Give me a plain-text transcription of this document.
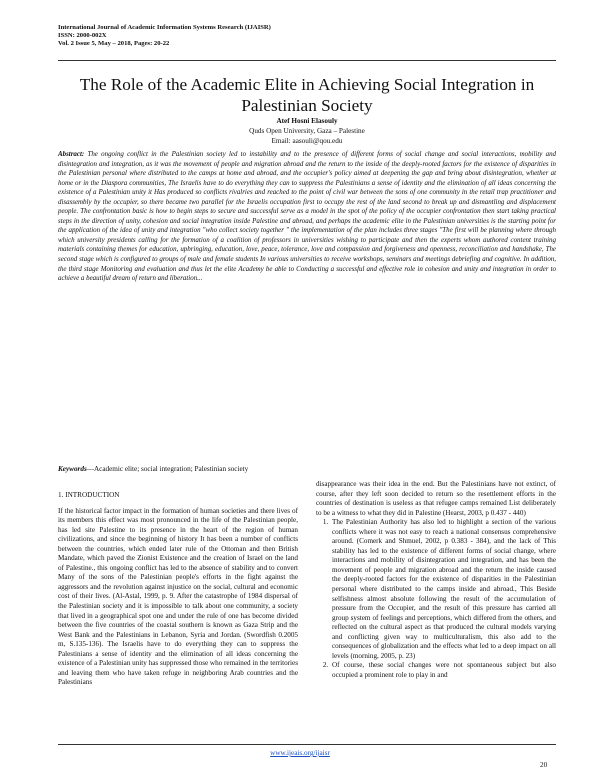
International Journal of Academic Information Systems Research (IJAISR)
ISSN: 2000-002X
Vol. 2 Issue 5, May – 2018, Pages: 20-22
The Role of the Academic Elite in Achieving Social Integration in Palestinian Society
Atef Hosni Elasouly
Quds Open University, Gaza – Palestine
Email: aasouli@qou.edu

Abstract: The ongoing conflict in the Palestinian society led to instability and to the presence of different forms of social change and social interactions, mobility and disintegration and integration, as it was the movement of people and migration abroad and the return to the inside of the deeply-rooted factors for the existence of disparities in the Palestinian personal where distributed to the camps at home and abroad, and the occupier's policy aimed at deepening the gap and bring about disintegration, whether at home or in the Diaspora communities, The Israelis have to do everything they can to suppress the Palestinians a sense of identity and the elimination of all ideas concerning the existence of a Palestinian unity it Has produced so conflicts rivalries and reached to the point of civil war between the sons of one community in the retail trap practitioner and disassembly by the occupier, so there became two parallel for the Israelis occupation first to occupy the rest of the land second to break up and dismantling and displacement people. The confrontation basic is how to begin steps to secure and successful serve as a model in the spot of the policy of the occupier confrontation then start taking practical steps in the direction of unity, cohesion and social integration inside Palestine and abroad, and perhaps the academic elite in the Palestinian universities is the starting point for the application of the idea of unity and integration "who collect society together " the implementation of the plan includes three stages "The first will be planning where through which university presidents calling for the formation of a coalition of professors in universities wishing to participate and then the experts whom authored content training materials containing themes for education, upbringing, education, love, peace, tolerance, love and compassion and forgiveness and openness, reconciliation and handshake, The second stage which is configured to groups of male and female students In various universities to receive workshops, seminars and meetings debriefing and cognitive. In addition, the third stage Monitoring and evaluation and thus let the elite Academy be able to Conducting a successful and effective role in cohesion and unity and integration in order to achieve a beautiful dream of return and liberation...

Keywords—Academic elite; social integration; Palestinian society

1. INTRODUCTION

If the historical factor impact in the formation of human societies and there lives of its members this effect was most pronounced in the life of the Palestinian people, has led site Palestine to its presence in the heart of the region of human civilizations, and since the beginning of history It has been a number of conflicts between the countries, which ended later rule of the Ottoman and then British Mandate, which paved the Zionist Existence and the creation of Israel on the land of Palestine., this ongoing conflict has led to the absence of stability and to convert Many of the sons of the Palestinian people's efforts in the fight against the aggressors and the revolution against injustice on the social, cultural and economic cost of their lives. (Al-Astal, 1999, p. 9. After the catastrophe of 1984 dispersal of the Palestinian society and it is impossible to talk about one community, a society that lived in a geographical spot one and under the rule of one has become divided between the five countries of the coastal southern is known as Gaza Strip and the West Bank and the Palestinians in Lebanon, Syria and Jordan. (Swordfish 0.2005 m, S.135-136). The Israelis have to do everything they can to suppress the Palestinians a sense of identity and the elimination of all ideas concerning the existence of a Palestinian unity has suppressed those who remained in the territories and leaving them who have taken refuge in neighboring Arab countries and the Palestinians

disappearance was their idea in the end. But the Palestinians have not extinct, of course, after they left soon decided to return so the resettlement efforts in the countries of destination is useless as that refugee camps remained List deliberately to be a witness to what they did in Palestine (Hearst, 2003, p 0.437 - 440)

1. The Palestinian Authority has also led to highlight a section of the various conflicts where it was not easy to reach a national consensus comprehensive around. (Comerk and Shmuel, 2002, p 0.383 - 384), and the lack of This stability has led to the existence of different forms of social change, where interactions and mobility of disintegration and integration, and has been the movement of people and migration abroad and the return the inside caused the deeply-rooted factors for the existence of disparities in the Palestinian personal where distributed to the camps inside and abroad., This Beside selfishness almost absolute following the result of the accumulation of pressure from the Occupier, and the result of this pressure has carried all group system of feelings and perceptions, which differed from the others, and reflected on the cultural aspect as that produced the cultural models varying and conflicting given way to multiculturalism, this also add to the consequences of globalization and the effects what led to a deep impact on all levels (morning, 2005, p. 23)
2. Of course, these social changes were not spontaneous subject but also occupied a prominent role to play in and
www.ijeais.org/ijaisr
20
